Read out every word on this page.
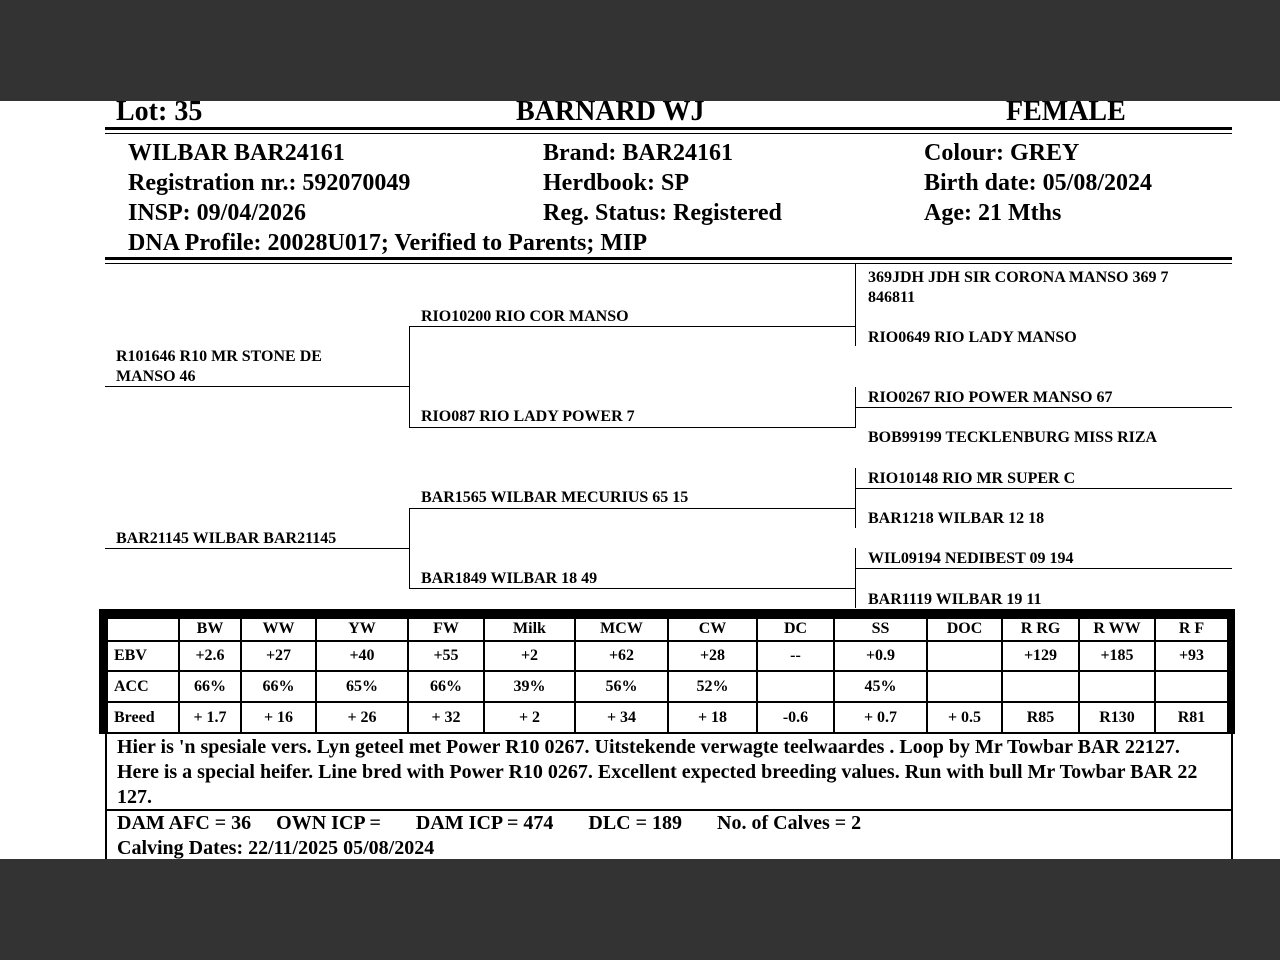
Lot: 35	BARNARD WJ	FEMALE
WILBAR BAR24161	Brand: BAR24161	Colour: GREY
Registration nr.: 592070049	Herdbook: SP	Birth date: 05/08/2024
INSP: 09/04/2026	Reg. Status: Registered	Age: 21 Mths
DNA Profile: 20028U017; Verified to Parents; MIP
R101646 R10 MR STONE DE MANSO 46
BAR21145 WILBAR BAR21145
RIO10200 RIO COR MANSO
RIO087 RIO LADY POWER 7
BAR1565 WILBAR MECURIUS 65 15
BAR1849 WILBAR 18 49
369JDH JDH SIR CORONA MANSO 369 7 846811
RIO0649 RIO LADY MANSO
RIO0267 RIO POWER MANSO 67
BOB99199 TECKLENBURG MISS RIZA
RIO10148 RIO MR SUPER C
BAR1218 WILBAR 12 18
WIL09194 NEDIBEST 09 194
BAR1119 WILBAR 19 11
	BW	WW	YW	FW	Milk	MCW	CW	DC	SS	DOC	R RG	R WW	R F
EBV	+2.6	+27	+40	+55	+2	+62	+28	--	+0.9		+129	+185	+93
ACC	66%	66%	65%	66%	39%	56%	52%		45%				
Breed	+ 1.7	+ 16	+ 26	+ 32	+ 2	+ 34	+ 18	-0.6	+ 0.7	+ 0.5	R85	R130	R81
Hier is 'n spesiale vers. Lyn geteel met Power R10 0267. Uitstekende verwagte teelwaardes . Loop by Mr Towbar BAR 22127. Here is a special heifer. Line bred with Power R10 0267. Excellent expected breeding values. Run with bull Mr Towbar BAR 22 127.
DAM AFC = 36     OWN ICP =       DAM ICP = 474       DLC = 189       No. of Calves = 2
Calving Dates: 22/11/2025 05/08/2024
